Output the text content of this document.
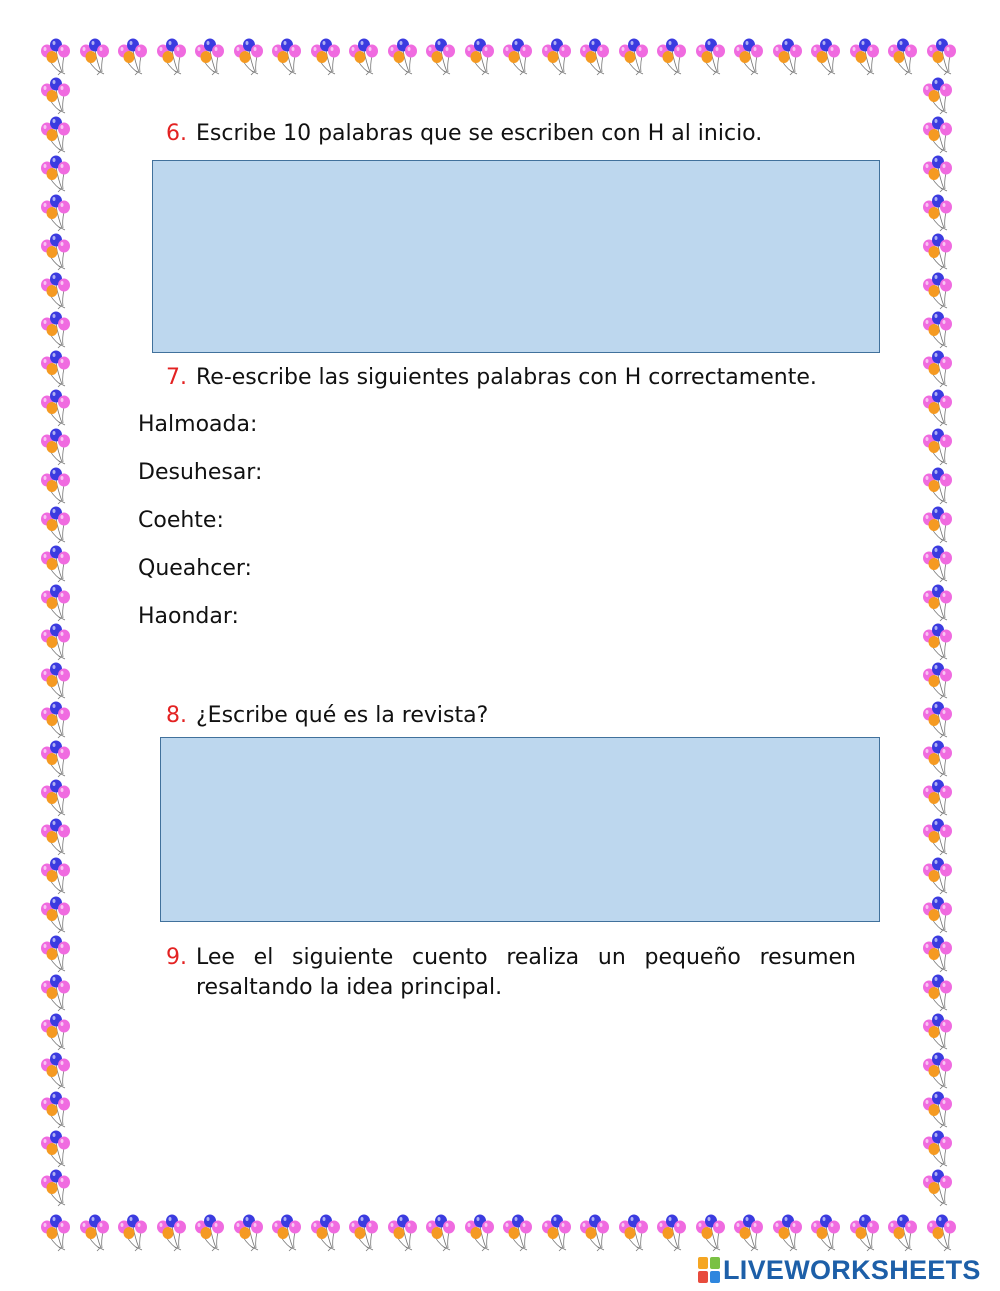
6. Escribe 10 palabras que se escriben con H al inicio.
7. Re-escribe las siguientes palabras con H correctamente.
Halmoada:
Desuhesar:
Coehte:
Queahcer:
Haondar:
8. ¿Escribe qué es la revista?
9. Lee el siguiente cuento realiza un pequeño resumen resaltando la idea principal.
LIVEWORKSHEETS
